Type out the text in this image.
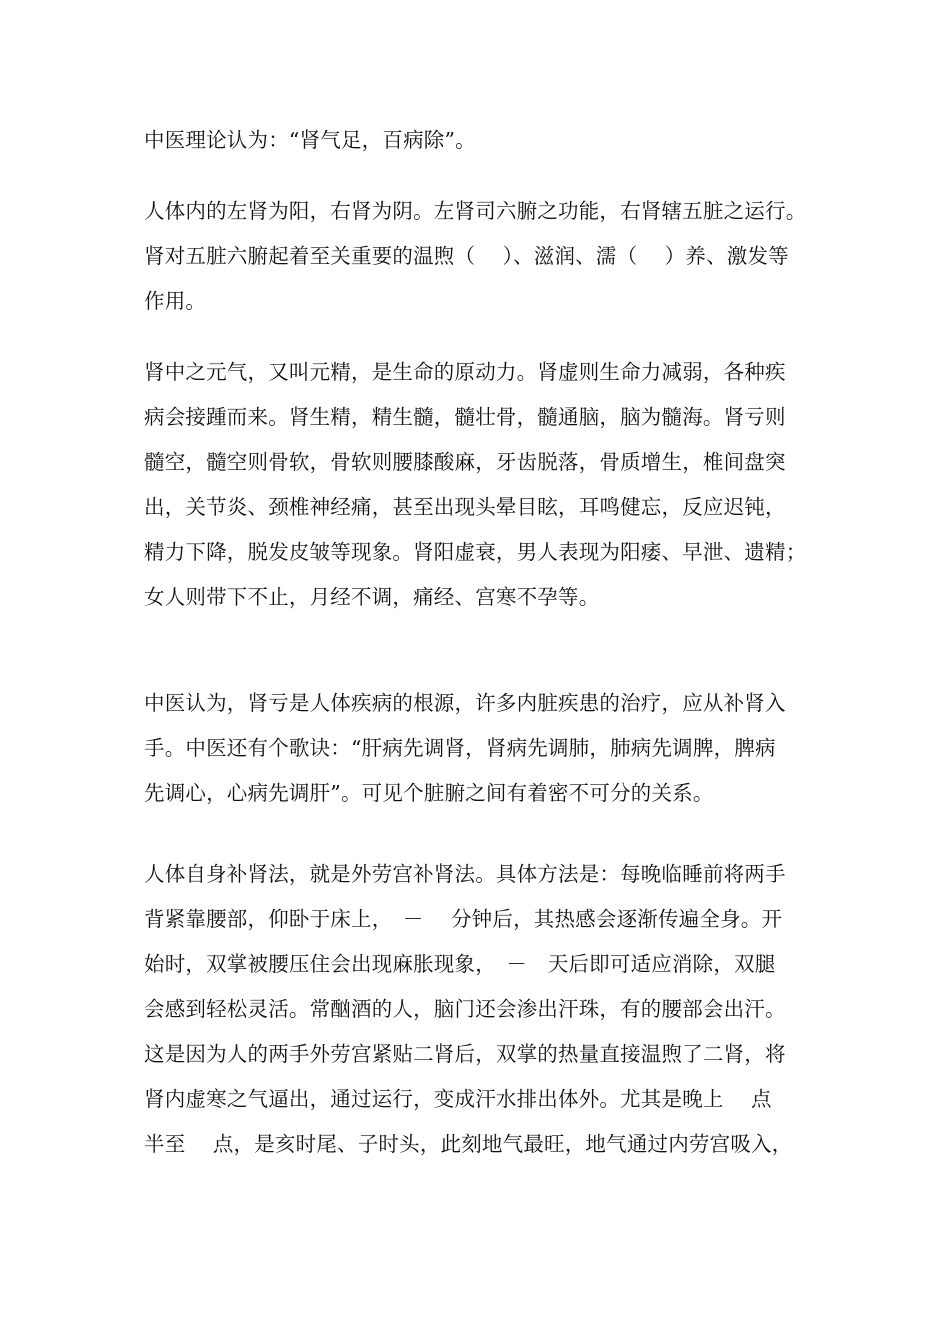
中医理论认为：“肾气足，百病除”。
人体内的左肾为阳，右肾为阴。左肾司六腑之功能，右肾辖五脏之运行。
肾对五脏六腑起着至关重要的温煦（　 ）、滋润、濡（　 ）养、激发等
作用。
肾中之元气，又叫元精，是生命的原动力。肾虚则生命力减弱，各种疾
病会接踵而来。肾生精，精生髓，髓壮骨，髓通脑，脑为髓海。肾亏则
髓空，髓空则骨软，骨软则腰膝酸麻，牙齿脱落，骨质增生，椎间盘突
出，关节炎、颈椎神经痛，甚至出现头晕目眩，耳鸣健忘，反应迟钝，
精力下降，脱发皮皱等现象。肾阳虚衰，男人表现为阳痿、早泄、遗精；
女人则带下不止，月经不调，痛经、宫寒不孕等。
中医认为，肾亏是人体疾病的根源，许多内脏疾患的治疗，应从补肾入
手。中医还有个歌诀：“肝病先调肾，肾病先调肺，肺病先调脾，脾病
先调心，心病先调肝”。可见个脏腑之间有着密不可分的关系。
人体自身补肾法，就是外劳宫补肾法。具体方法是：每晚临睡前将两手
背紧靠腰部，仰卧于床上，　－　 分钟后，其热感会逐渐传遍全身。开
始时，双掌被腰压住会出现麻胀现象，　－　天后即可适应消除，双腿
会感到轻松灵活。常酗酒的人，脑门还会渗出汗珠，有的腰部会出汗。
这是因为人的两手外劳宫紧贴二肾后，双掌的热量直接温煦了二肾，将
肾内虚寒之气逼出，通过运行，变成汗水排出体外。尤其是晚上　 点
半至　 点，是亥时尾、子时头，此刻地气最旺，地气通过内劳宫吸入，
